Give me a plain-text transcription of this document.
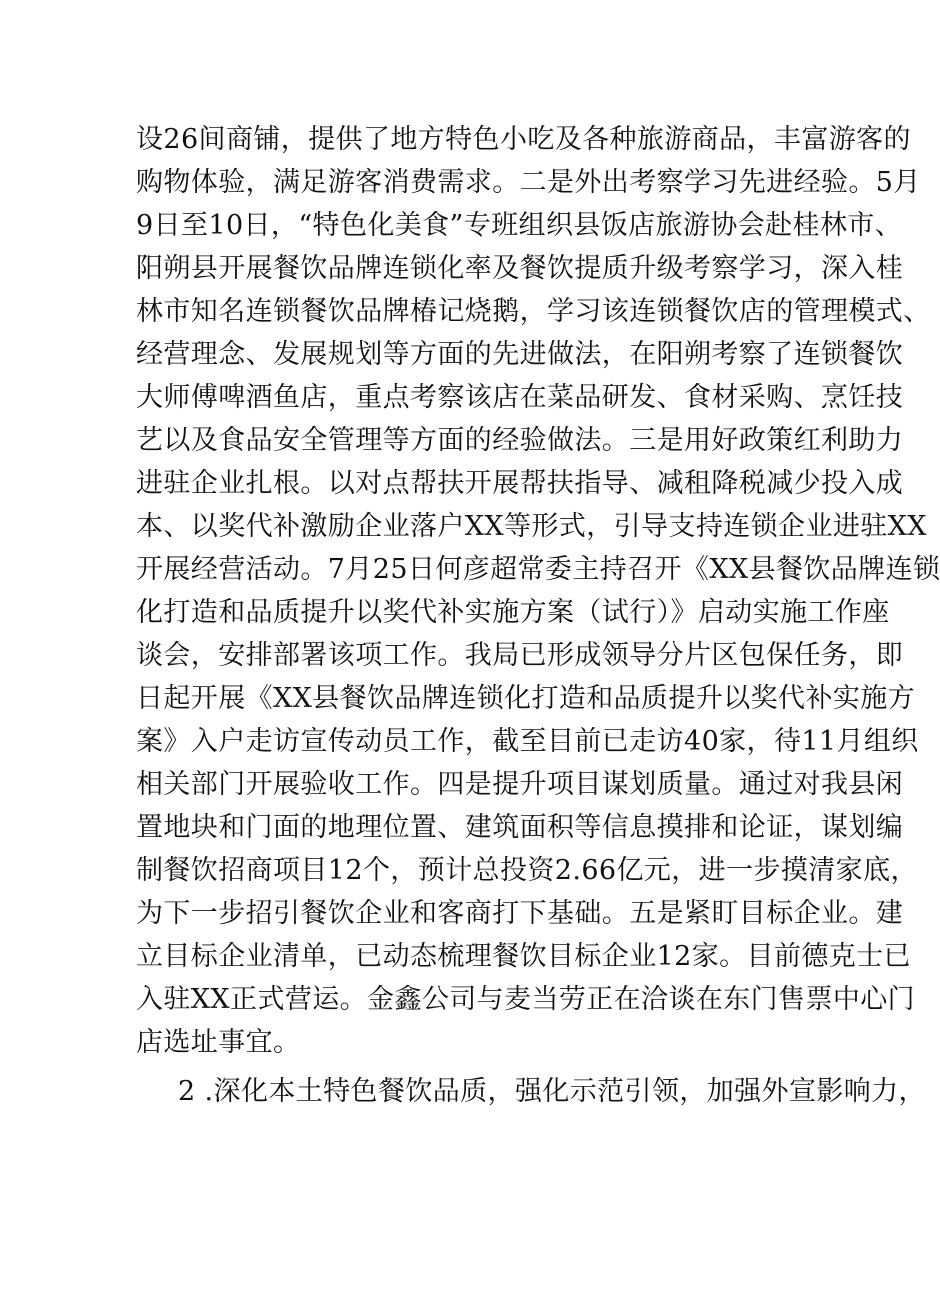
设26间商铺，提供了地方特色小吃及各种旅游商品，丰富游客的
购物体验，满足游客消费需求。二是外出考察学习先进经验。5月
9日至10日，“特色化美食”专班组织县饭店旅游协会赴桂林市、
阳朔县开展餐饮品牌连锁化率及餐饮提质升级考察学习，深入桂
林市知名连锁餐饮品牌椿记烧鹅，学习该连锁餐饮店的管理模式、
经营理念、发展规划等方面的先进做法，在阳朔考察了连锁餐饮
大师傅啤酒鱼店，重点考察该店在菜品研发、食材采购、烹饪技
艺以及食品安全管理等方面的经验做法。三是用好政策红利助力
进驻企业扎根。以对点帮扶开展帮扶指导、减租降税减少投入成
本、以奖代补激励企业落户XX等形式，引导支持连锁企业进驻XX
开展经营活动。7月25日何彦超常委主持召开《XX县餐饮品牌连锁
化打造和品质提升以奖代补实施方案（试行）》启动实施工作座
谈会，安排部署该项工作。我局已形成领导分片区包保任务，即
日起开展《XX县餐饮品牌连锁化打造和品质提升以奖代补实施方
案》入户走访宣传动员工作，截至目前已走访40家，待11月组织
相关部门开展验收工作。四是提升项目谋划质量。通过对我县闲
置地块和门面的地理位置、建筑面积等信息摸排和论证，谋划编
制餐饮招商项目12个，预计总投资2.66亿元，进一步摸清家底，
为下一步招引餐饮企业和客商打下基础。五是紧盯目标企业。建
立目标企业清单，已动态梳理餐饮目标企业12家。目前德克士已
入驻XX正式营运。金鑫公司与麦当劳正在洽谈在东门售票中心门
店选址事宜。
2 .深化本土特色餐饮品质，强化示范引领，加强外宣影响力，
